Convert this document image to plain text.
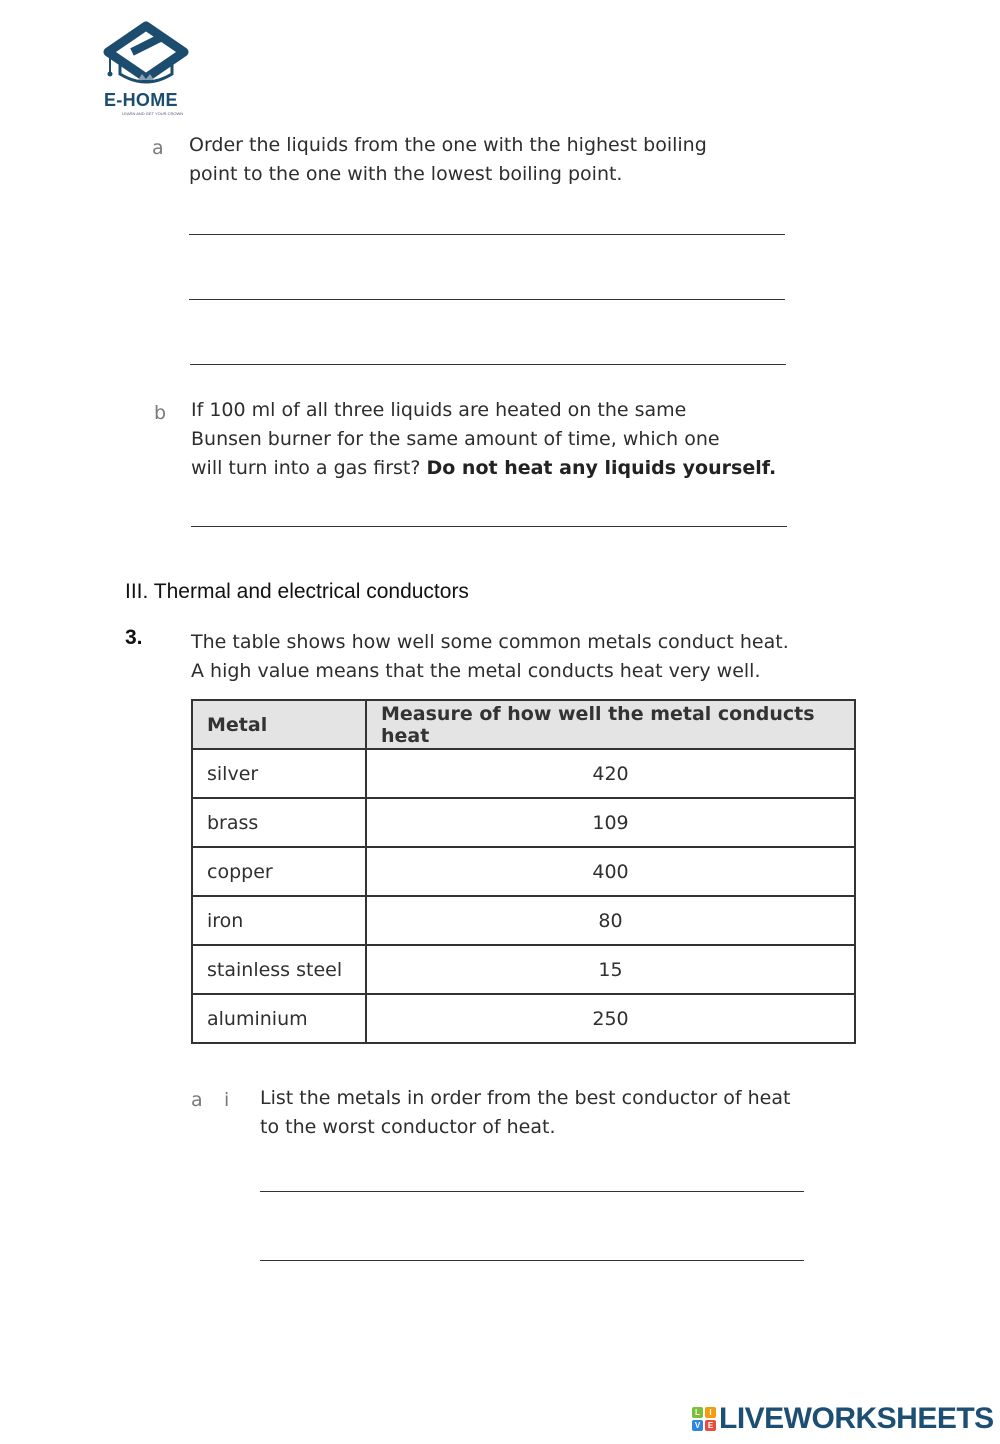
E-HOME
LEARN AND GET YOUR CROWN
a Order the liquids from the one with the highest boiling
point to the one with the lowest boiling point.
b If 100 ml of all three liquids are heated on the same
Bunsen burner for the same amount of time, which one
will turn into a gas first? Do not heat any liquids yourself.
III. Thermal and electrical conductors
3.	The table shows how well some common metals conduct heat.
A high value means that the metal conducts heat very well.
Metal	Measure of how well the metal conducts heat
silver	420
brass	109
copper	400
iron	80
stainless steel	15
aluminium	250
a i List the metals in order from the best conductor of heat
to the worst conductor of heat.
L	I
V E LIVEWORKSHEETS
